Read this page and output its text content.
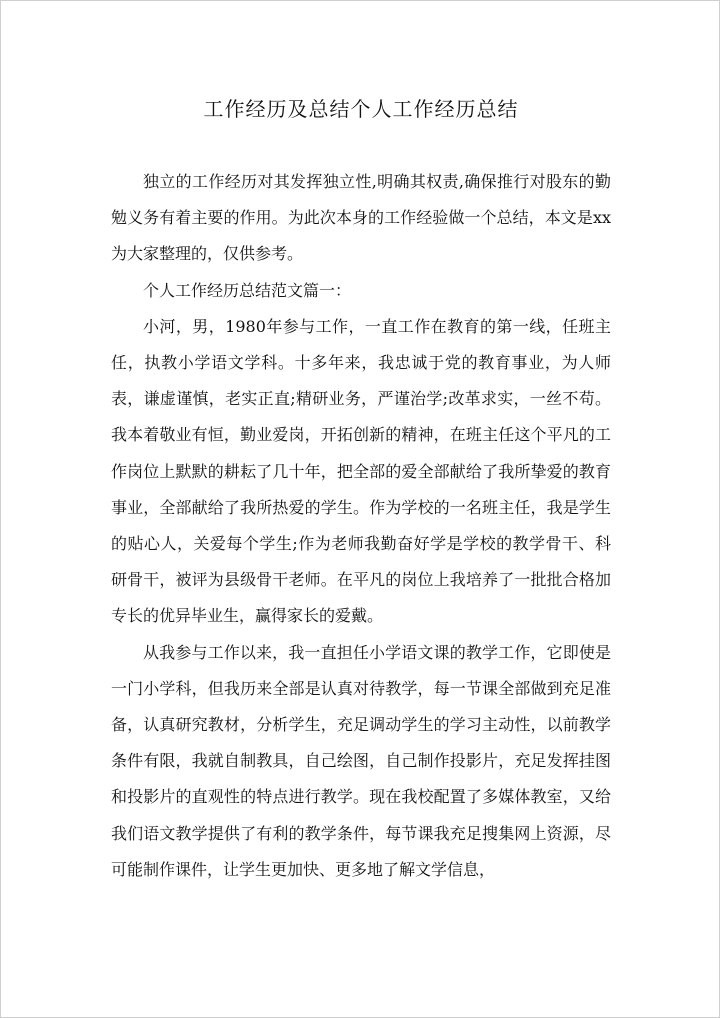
工作经历及总结个人工作经历总结

独立的工作经历对其发挥独立性,明确其权责,确保推行对股东的勤勉义务有着主要的作用。为此次本身的工作经验做一个总结，本文是xx为大家整理的，仅供参考。

个人工作经历总结范文篇一：

小河，男，1980年参与工作，一直工作在教育的第一线，任班主任，执教小学语文学科。十多年来，我忠诚于党的教育事业，为人师表，谦虚谨慎，老实正直;精研业务，严谨治学;改革求实，一丝不苟。我本着敬业有恒，勤业爱岗，开拓创新的精神，在班主任这个平凡的工作岗位上默默的耕耘了几十年，把全部的爱全部献给了我所挚爱的教育事业，全部献给了我所热爱的学生。作为学校的一名班主任，我是学生的贴心人，关爱每个学生;作为老师我勤奋好学是学校的教学骨干、科研骨干，被评为县级骨干老师。在平凡的岗位上我培养了一批批合格加专长的优异毕业生，赢得家长的爱戴。

从我参与工作以来，我一直担任小学语文课的教学工作，它即使是一门小学科，但我历来全部是认真对待教学，每一节课全部做到充足准备，认真研究教材，分析学生，充足调动学生的学习主动性，以前教学条件有限，我就自制教具，自己绘图，自己制作投影片，充足发挥挂图和投影片的直观性的特点进行教学。现在我校配置了多媒体教室，又给我们语文教学提供了有利的教学条件，每节课我充足搜集网上资源，尽可能制作课件，让学生更加快、更多地了解文学信息，
